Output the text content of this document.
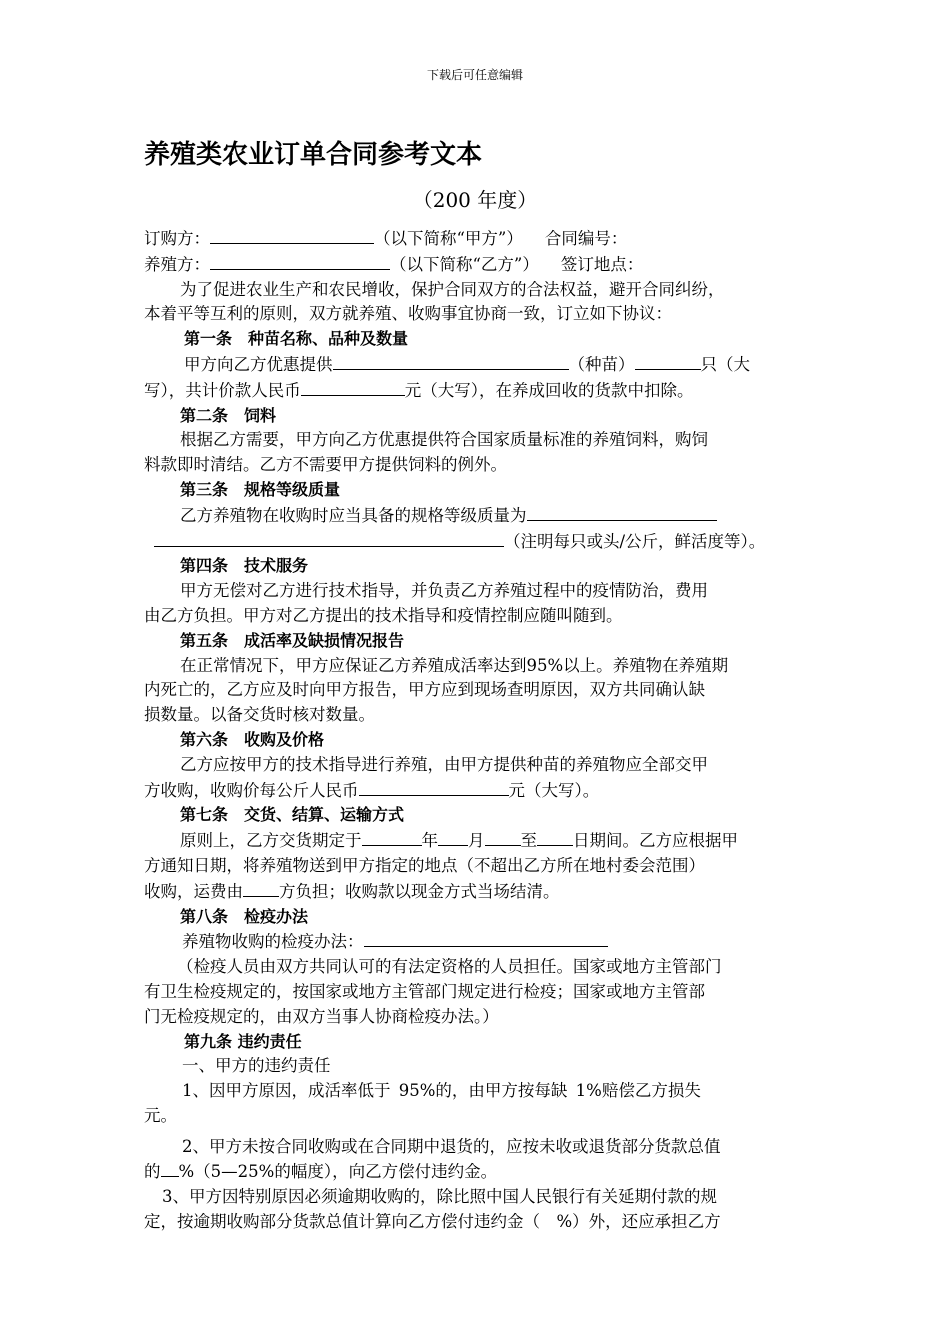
下载后可任意编辑
养殖类农业订单合同参考文本
（200 年度）
订购方：	（以下简称“甲方”） 合同编号：
养殖方：	（以下简称“乙方”） 签订地点：
为了促进农业生产和农民增收，保护合同双方的合法权益，避开合同纠纷，
本着平等互利的原则，双方就养殖、收购事宜协商一致，订立如下协议：
第一条　种苗名称、品种及数量
甲方向乙方优惠提供	（种苗）	只（大
写），共计价款人民币	元（大写），在养成回收的货款中扣除。
第二条　饲料
根据乙方需要，甲方向乙方优惠提供符合国家质量标准的养殖饲料，购饲
料款即时清结。乙方不需要甲方提供饲料的例外。
第三条　规格等级质量
乙方养殖物在收购时应当具备的规格等级质量为
（注明每只或头/公斤，鲜活度等）。
第四条　技术服务
甲方无偿对乙方进行技术指导，并负责乙方养殖过程中的疫情防治，费用
由乙方负担。甲方对乙方提出的技术指导和疫情控制应随叫随到。
第五条　成活率及缺损情况报告
在正常情况下，甲方应保证乙方养殖成活率达到95%以上。养殖物在养殖期
内死亡的，乙方应及时向甲方报告，甲方应到现场查明原因，双方共同确认缺
损数量。以备交货时核对数量。
第六条　收购及价格
乙方应按甲方的技术指导进行养殖，由甲方提供种苗的养殖物应全部交甲
方收购，收购价每公斤人民币	元（大写）。
第七条　交货、结算、运输方式
原则上，乙方交货期定于	年 月 至 日期间。乙方应根据甲
方通知日期，将养殖物送到甲方指定的地点（不超出乙方所在地村委会范围）
收购，运费由 方负担；收购款以现金方式当场结清。
第八条　检疫办法
养殖物收购的检疫办法：
（检疫人员由双方共同认可的有法定资格的人员担任。国家或地方主管部门
有卫生检疫规定的，按国家或地方主管部门规定进行检疫；国家或地方主管部
门无检疫规定的，由双方当事人协商检疫办法。）
第九条 违约责任
一、甲方的违约责任
1、因甲方原因，成活率低于 95%的，由甲方按每缺 1%赔偿乙方损失
元。
2、甲方未按合同收购或在合同期中退货的，应按未收或退货部分货款总值
的 %（5—25%的幅度），向乙方偿付违约金。
3、甲方因特别原因必须逾期收购的，除比照中国人民银行有关延期付款的规
定，按逾期收购部分货款总值计算向乙方偿付违约金（　%）外，还应承担乙方
